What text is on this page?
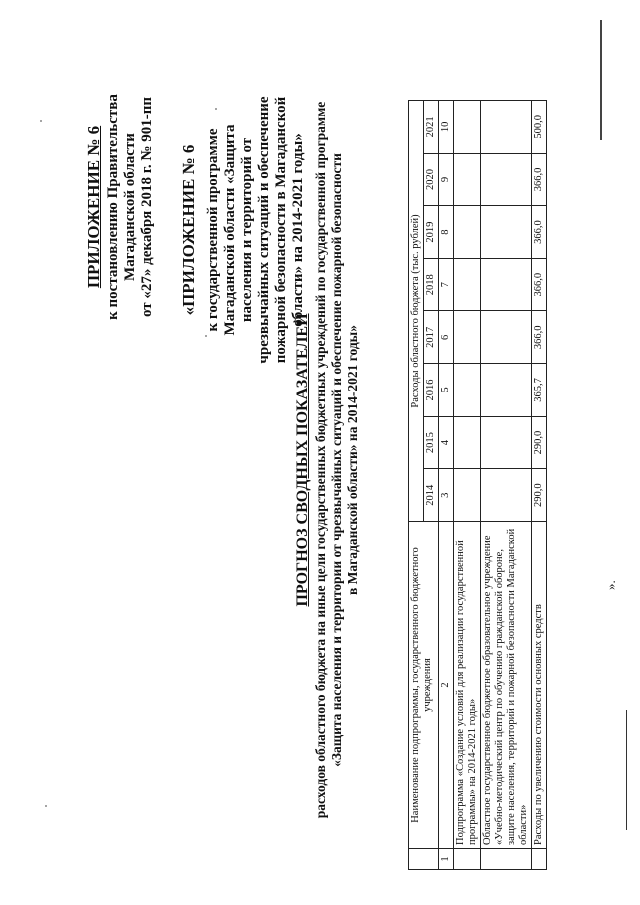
ПРИЛОЖЕНИЕ № 6 к постановлению Правительства Магаданской области от «27» декабря 2018 г. № 901-пп «ПРИЛОЖЕНИЕ № 6 к государственной программе Магаданской области «Защита населения и территорий от чрезвычайных ситуаций и обеспечение пожарной безопасности в Магаданской области» на 2014-2021 годы»
ПРОГНОЗ СВОДНЫХ ПОКАЗАТЕЛЕЙ расходов областного бюджета на иные цели государственных бюджетных учреждений по государственной программе «Защита населения и территории от чрезвычайных ситуаций и обеспечение пожарной безопасности в Магаданской области» на 2014-2021 годы»
	Наименование подпрограммы, государственного бюджетного учреждения	Расходы областного бюджета (тыс. рублей)							
		2014	2015	2016	2017	2018	2019	2020	2021
1	2	3	4	5	6	7	8	9	10
	Подпрограмма «Создание условий для реализации государственной программы» на 2014-2021 годы»								
	Областное государственное бюджетное образовательное учреждение «Учебно-методический центр по обучению гражданской обороне, защите населения, территорий и пожарной безопасности Магаданской области»								
	Расходы по увеличению стоимости основных средств	290,0	290,0	365,7	366,0	366,0	366,0	366,0	500,0
».
